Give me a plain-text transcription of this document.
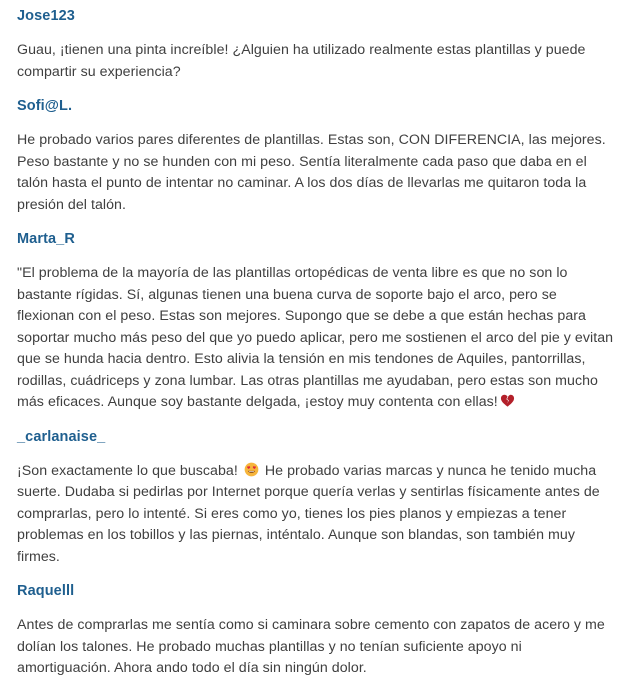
Jose123
Guau, ¡tienen una pinta increíble! ¿Alguien ha utilizado realmente estas plantillas y puede compartir su experiencia?
Sofi@L.
He probado varios pares diferentes de plantillas. Estas son, CON DIFERENCIA, las mejores. Peso bastante y no se hunden con mi peso. Sentía literalmente cada paso que daba en el talón hasta el punto de intentar no caminar. A los dos días de llevarlas me quitaron toda la presión del talón.
Marta_R
"El problema de la mayoría de las plantillas ortopédicas de venta libre es que no son lo bastante rígidas. Sí, algunas tienen una buena curva de soporte bajo el arco, pero se flexionan con el peso. Estas son mejores. Supongo que se debe a que están hechas para soportar mucho más peso del que yo puedo aplicar, pero me sostienen el arco del pie y evitan que se hunda hacia dentro. Esto alivia la tensión en mis tendones de Aquiles, pantorrillas, rodillas, cuádriceps y zona lumbar. Las otras plantillas me ayudaban, pero estas son mucho más eficaces. Aunque soy bastante delgada, ¡estoy muy contenta con ellas!
_carlanaise_
¡Son exactamente lo que buscaba! He probado varias marcas y nunca he tenido mucha suerte. Dudaba si pedirlas por Internet porque quería verlas y sentirlas físicamente antes de comprarlas, pero lo intenté. Si eres como yo, tienes los pies planos y empiezas a tener problemas en los tobillos y las piernas, inténtalo. Aunque son blandas, son también muy firmes.
Raquelll
Antes de comprarlas me sentía como si caminara sobre cemento con zapatos de acero y me dolían los talones. He probado muchas plantillas y no tenían suficiente apoyo ni amortiguación. Ahora ando todo el día sin ningún dolor.
